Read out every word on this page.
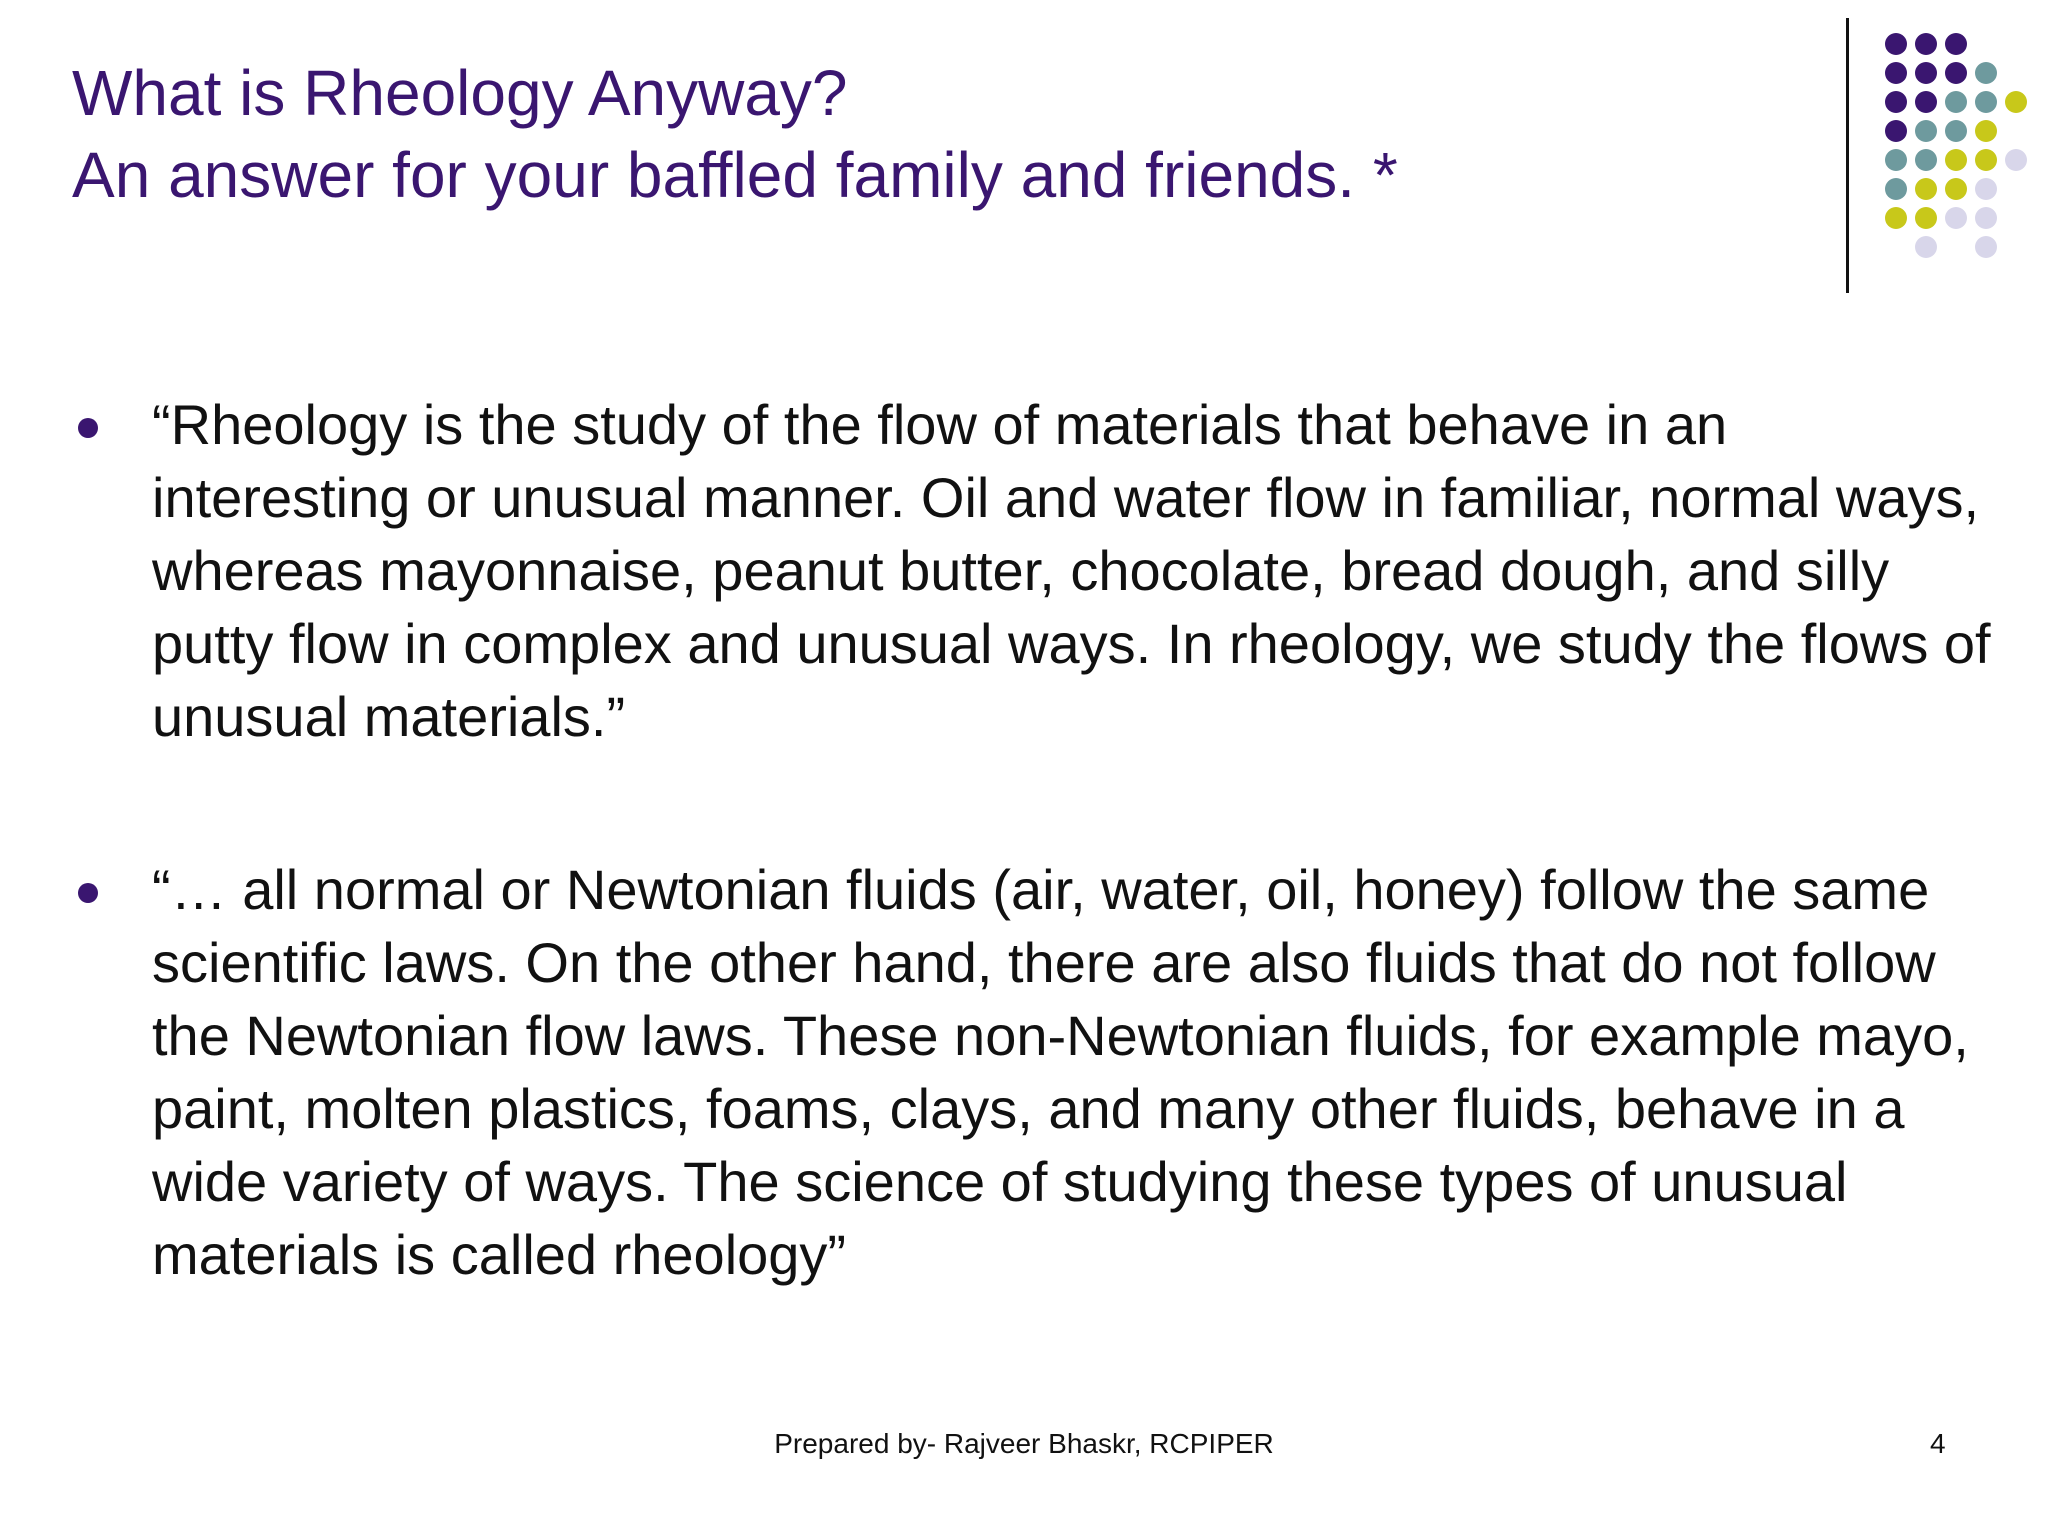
What is Rheology Anyway?
An answer for your baffled family and friends. *
“Rheology is the study of the flow of materials that behave in an interesting or unusual manner. Oil and water flow in familiar, normal ways, whereas mayonnaise, peanut butter, chocolate, bread dough, and silly putty flow in complex and unusual ways. In rheology, we study the flows of unusual materials.”
“… all normal or Newtonian fluids (air, water, oil, honey) follow the same scientific laws. On the other hand, there are also fluids that do not follow the Newtonian flow laws. These non-Newtonian fluids, for example mayo, paint, molten plastics, foams, clays, and many other fluids, behave in a wide variety of ways. The science of studying these types of unusual materials is called rheology”
Prepared by- Rajveer Bhaskr, RCPIPER	4
